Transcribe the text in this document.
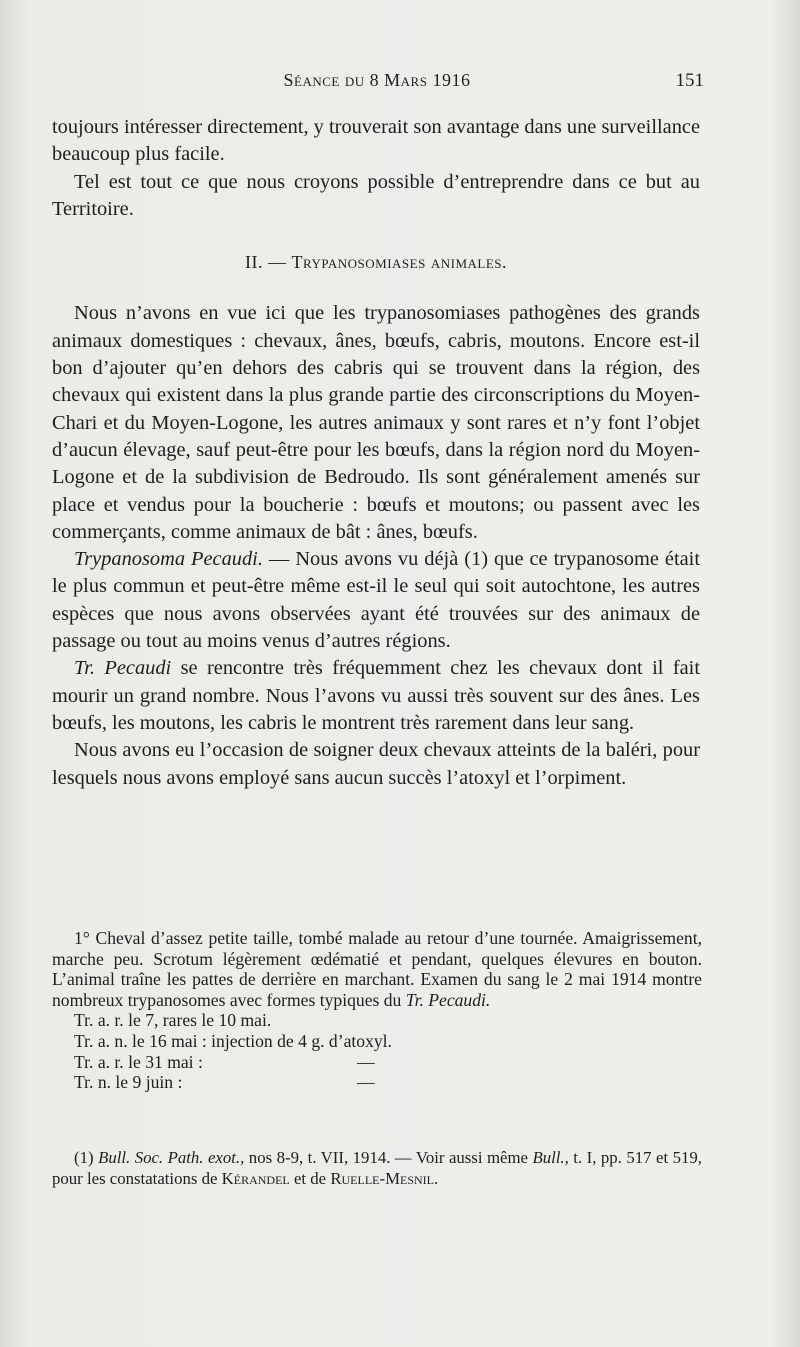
Séance du 8 Mars 1916	151

toujours intéresser directement, y trouverait son avantage dans une surveillance beaucoup plus facile.

Tel est tout ce que nous croyons possible d’entreprendre dans ce but au Territoire.

II. — Trypanosomiases animales.

Nous n’avons en vue ici que les trypanosomiases pathogènes des grands animaux domestiques : chevaux, ânes, bœufs, cabris, moutons. Encore est-il bon d’ajouter qu’en dehors des cabris qui se trouvent dans la région, des chevaux qui existent dans la plus grande partie des circonscriptions du Moyen-Chari et du Moyen-Logone, les autres animaux y sont rares et n’y font l’objet d’aucun élevage, sauf peut-être pour les bœufs, dans la région nord du Moyen-Logone et de la subdivision de Bedroudo. Ils sont généralement amenés sur place et vendus pour la boucherie : bœufs et moutons; ou passent avec les commerçants, comme animaux de bât : ânes, bœufs.

Trypanosoma Pecaudi. — Nous avons vu déjà (1) que ce trypanosome était le plus commun et peut-être même est-il le seul qui soit autochtone, les autres espèces que nous avons observées ayant été trouvées sur des animaux de passage ou tout au moins venus d’autres régions.

Tr. Pecaudi se rencontre très fréquemment chez les chevaux dont il fait mourir un grand nombre. Nous l’avons vu aussi très souvent sur des ânes. Les bœufs, les moutons, les cabris le montrent très rarement dans leur sang.

Nous avons eu l’occasion de soigner deux chevaux atteints de la baléri, pour lesquels nous avons employé sans aucun succès l’atoxyl et l’orpiment.

1° Cheval d’assez petite taille, tombé malade au retour d’une tournée. Amaigrissement, marche peu. Scrotum légèrement œdématié et pendant, quelques élevures en bouton. L’animal traîne les pattes de derrière en marchant. Examen du sang le 2 mai 1914 montre nombreux trypanosomes avec formes typiques du Tr. Pecaudi.

Tr. a. r. le 7, rares le 10 mai.
Tr. a. n. le 16 mai : injection de 4 g. d’atoxyl.
Tr. a. r. le 31 mai :	—
Tr. n. le 9 juin :	—

(1) Bull. Soc. Path. exot., nos 8-9, t. VII, 1914. — Voir aussi même Bull., t. I, pp. 517 et 519, pour les constatations de Kérandel et de Ruelle-Mesnil.
